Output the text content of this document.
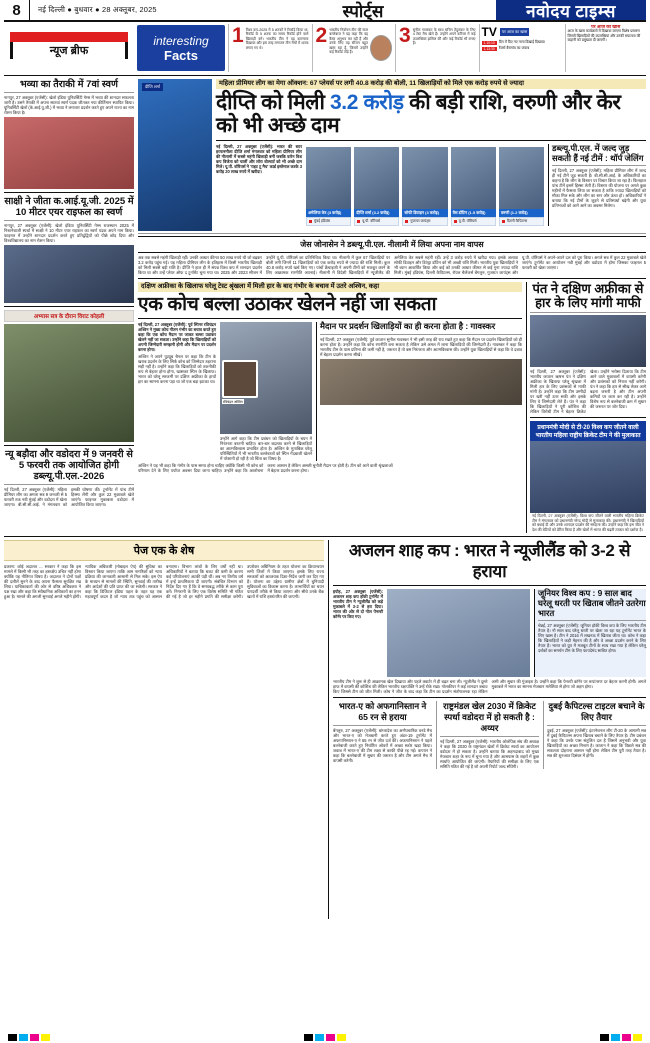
8	नई दिल्ली ● बुधवार ● 28 अक्तूबर, 2025	स्पोर्ट्स	नवोदय टाइम्स
न्यूज ब्रीफ
interesting
Facts
1 विश्व कप-2025 में 5 शतकों ने रिकॉर्ड किया था, रिकॉर्ड के 5 शतक का समय रिकॉर्ड होने वाले खिलाड़ी बने। भारतीय टीम ने यह कारनामा दिखाया और इस तरह लगातार तीन मैचों में शतक लगाए गए थे।
2 भारतीय निर्वाचन टीम की स्टार बल्लेबाज ने यह कहा कि वह कैसा अनुभव कर रही हैं और उनके लिए यह सीजन बहुत खास रहा है, जिसमें उन्होंने कई रिकॉर्ड तोड़े हैं।
3 सुनील गावस्कर के साथ सचिन तेंदुलकर के लिए 4 टेस्ट मैच खेले हैं। उन्होंने अपने करियर में कई उपलब्धियां हासिल कीं और कई रिकॉर्ड भी बनाए हैं।
TV	पर आज का खास
1.10:10	दिन में दिए गए गाना दिखाई दिखाया
1.13:30	रेंजर्स बैरागांव का जवाब
पर आज का खास
आज के खास कार्यक्रमों में दिखाया जाएगा विशेष प्रसारण जिसमें खिलाड़ियों की उपलब्धियां और उनकी सफलता की कहानी को प्रमुखता दी जाएगी।
भव्या का तैराकी में 7वां स्वर्ण
नागपुर, 27 अक्तूबर (एजेंसी): खेलो इंडिया यूनिवर्सिटी गेम्स में भव्या की शानदार सफलता जारी है। उसने तैराकी में अपना सातवां स्वर्ण पदक जीतकर नया कीर्तिमान स्थापित किया। यूनिवर्सिटी खेलों (के.आई.यू.जी.) में भव्या ने लगातार प्रदर्शन करते हुए अपने राज्य का नाम रोशन किया है।
साक्षी ने जीता क.आई.यू.जी. 2025 में 10 मीटर एयर राइफल का स्वर्ण
नागपुर, 27 अक्तूबर (एजेंसी): खेलो इंडिया यूनिवर्सिटी गेम्स राजस्थान 2025 में निशानेबाजी स्पर्धा में साक्षी ने 10 मीटर एयर राइफल का स्वर्ण पदक अपने नाम किया। फाइनल में उन्होंने शानदार प्रदर्शन करते हुए प्रतिद्वंद्वियों को पीछे छोड़ दिया और विश्वविद्यालय का नाम रोशन किया।
अभ्यास सत्र के दौरान विराट कोहली
न्यू बड़ौदा और वडोदरा में 9 जनवरी से 5 फरवरी तक आयोजित होगी डब्ल्यू.पी.एल.-2026
नई दिल्ली, 27 अक्तूबर (एजेंसी): महिला प्रीमियर लीग का अगला सत्र 9 जनवरी से 5 फरवरी तक नवी मुंबई और वडोदरा में खेला जाएगा। बी.सी.सी.आई. ने मंगलवार को इसकी घोषणा की। टूर्नामेंट में पांच टीमें हिस्सा लेंगी और कुल 22 मुकाबले खेले जाएंगे। फाइनल मुकाबला वडोदरा में आयोजित किया जाएगा।
दीप्ति शर्मा	महिला प्रीमियर लीग का मेगा ऑक्शन: 67 प्लेयर्स पर लगी 40.8 करोड़ की बोली, 11 खिलाड़ियों को मिले एक करोड़ रुपये से ज्यादा
दीप्ति को मिली 3.2 करोड़ की बड़ी राशि, वरुणी और केर को भी अच्छे दाम
नई दिल्ली, 27 अक्तूबर (एजेंसी): भारत की स्टार हरफनमौला दीप्ति शर्मा मंगलवार को महिला प्रीमियर लीग की नीलामी में सबसे महंगी खिलाड़ी बनीं जबकि वारेन विश कप विजेता को चार्ली और लॉरा वोल्वार्ट को भी अच्छे दाम मिले। यू.पी. वॉरियर्स ने 'राइट टू मैच' कार्ड इस्तेमाल करके 3 करोड़ 20 लाख रुपये में खरीदा।
अमेलिया केर (3 करोड़)
मुंबई इंडियंस
दीप्ति शर्मा (3.2 करोड़)
यू.पी. वॉरियर्स
सोफी डिवाइन (3 करोड़)
गुजरात जायंट्स
वैस डॉटिन (1.5 करोड़)
यू.पी. वॉरियर्स
वरुणी (1.2 करोड़)
दिल्ली कैपिटल्स
डब्ल्यू.पी.एल. में जल्द जुड़ सकती हैं नई टीमें : थॉर्प जेलिंग
नई दिल्ली, 27 अक्तूबर (एजेंसी): महिला प्रीमियर लीग में जल्द ही नई टीमें जुड़ सकती हैं। बी.सी.सी.आई. के अधिकारियों का कहना है कि लीग के विस्तार पर विचार किया जा रहा है। फिलहाल पांच टीमें इसमें हिस्सा लेती हैं। विस्तार की योजना पर अगले कुछ महीनों में फैसला लिया जा सकता है ताकि ज्यादा खिलाड़ियों को मौका मिल सके और लीग का स्तर और ऊंचा हो। अधिकारियों ने बताया कि नई टीमों के जुड़ने से प्रतिस्पर्धा बढ़ेगी और युवा प्रतिभाओं को आगे आने का अवसर मिलेगा।
जेस जोनासेन ने डब्ल्यू.पी.एल. नीलामी में लिया अपना नाम वापस
अब तक सबसे महंगी खिलाड़ी रहीं। उनकी आधार कीमत 50 लाख रुपये थी जो बढ़कर 3.2 करोड़ पहुंच गई। यह महिला प्रीमियर लीग के इतिहास में किसी भारतीय खिलाड़ी को मिली सबसे बड़ी राशि है। दीप्ति ने हाल ही में संपन्न विश्व कप में शानदार प्रदर्शन किया था और उन्हें प्लेयर ऑफ द टूर्नामेंट चुना गया था। 2025 और 2023 सीजन में उन्होंने यू.पी. वॉरियर्स का प्रतिनिधित्व किया था। नीलामी में कुल 67 खिलाड़ियों पर बोली लगी जिनमें 11 खिलाड़ियों को एक करोड़ रुपये से ज्यादा की राशि मिली। कुल 40.8 करोड़ रुपये खर्च किए गए। पांचों फ्रेंचाइजी ने अपनी टीमों को मजबूत करने के लिए आक्रामक रणनीति अपनाई। नीलामी में विदेशी खिलाड़ियों में न्यूजीलैंड की अमेलिया केर सबसे महंगी रहीं। उन्हें 3 करोड़ रुपये में खरीदा गया। इसके अलावा सोफी डिवाइन और डिएंड्रा डॉटिन को भी अच्छी राशि मिली। भारतीय युवा खिलाड़ियों ने भी ध्यान आकर्षित किया और कई को उनकी आधार कीमत से कई गुना ज्यादा राशि मिली। मुंबई इंडियंस, दिल्ली कैपिटल्स, रॉयल चैलेंजर्स बेंगलुरु, गुजरात जायंट्स और यू.पी. वॉरियर्स ने अपने-अपने दल को पूरा किया। अगले सत्र में कुल 22 मुकाबले खेले जाएंगे। टूर्नामेंट का आयोजन नवी मुंबई और वडोदरा में होगा जिसका फाइनल 5 फरवरी को खेला जाएगा।
दक्षिण अफ्रीका के खिलाफ घरेलू टेस्ट श्रृंखला में मिली हार के बाद गंभीर के बचाव में उतरे अश्विन, कहा
एक कोच बल्ला उठाकर खेलने नहीं जा सकता
नई दिल्ली, 27 अक्तूबर (एजेंसी): पूर्व स्पिनर रविचंद्रन अश्विन ने मुख्य कोच गौतम गंभीर का बचाव करते हुए कहा कि एक कोच मैदान पर जाकर बल्ला उठाकर खेलने नहीं जा सकता। उन्होंने कहा कि खिलाड़ियों को अपनी जिम्मेदारी समझनी होगी और मैदान पर प्रदर्शन करना होगा।
अश्विन ने अपने यूट्यूब चैनल पर कहा कि टीम के खराब प्रदर्शन के लिए सिर्फ कोच को जिम्मेदार ठहराना सही नहीं है। उन्होंने कहा कि खिलाड़ियों को तकनीकी रूप से बेहतर होना होगा, खासकर स्पिन के खिलाफ। भारत को घरेलू सरजमीं पर दक्षिण अफ्रीका के हाथों हार का सामना करना पड़ा था जो एक बड़ा झटका था।
रविचंद्रन अश्विन
उन्होंने आगे कहा कि टीम प्रबंधन को खिलाड़ियों के चयन में निरंतरता बरतनी चाहिए। बार-बार बदलाव करने से खिलाड़ियों का आत्मविश्वास प्रभावित होता है। अश्विन के मुताबिक घरेलू परिस्थितियों में भी भारतीय बल्लेबाजों को स्पिन गेंदबाजी खेलने में परेशानी हो रही है जो चिंता का विषय है।
मैदान पर प्रदर्शन खिलाड़ियों का ही करना होता है : गावस्कर
नई दिल्ली, 27 अक्तूबर (एजेंसी): पूर्व कप्तान सुनील गावस्कर ने भी इसी तरह की राय रखते हुए कहा कि मैदान पर प्रदर्शन खिलाड़ियों को ही करना होता है। उन्होंने कहा कि कोच रणनीति बना सकता है लेकिन उसे अमल में लाना खिलाड़ियों की जिम्मेदारी है। गावस्कर ने कहा कि भारतीय टीम के पास प्रतिभा की कमी नहीं है, जरूरत है तो बस निरंतरता और आत्मविश्वास की। उन्होंने युवा खिलाड़ियों से कहा कि वे दबाव में बेहतर प्रदर्शन करना सीखें।
अश्विन ने यह भी कहा कि गंभीर के पास समय होना चाहिए क्योंकि किसी भी कोच को परिणाम देने के लिए पर्याप्त अवसर दिया जाना चाहिए। उन्होंने कहा कि आलोचना करना आसान है लेकिन असली चुनौती मैदान पर होती है। टीम को आने वाली श्रृंखलाओं में बेहतर प्रदर्शन करना होगा।
पंत ने दक्षिण अफ्रीका से हार के लिए मांगी माफी
नई दिल्ली, 27 अक्तूबर (एजेंसी): भारतीय कप्तान ऋषभ पंत ने दक्षिण अफ्रीका के खिलाफ घरेलू श्रृंखला में मिली हार के लिए प्रशंसकों से माफी मांगी है। उन्होंने कहा कि टीम उम्मीदों पर खरी नहीं उतर सकी और इसके लिए वे जिम्मेदारी लेते हैं। पंत ने कहा कि खिलाड़ियों ने पूरी कोशिश की लेकिन विरोधी टीम ने बेहतर क्रिकेट खेला। उन्होंने भरोसा दिलाया कि टीम आने वाले मुकाबलों में वापसी करेगी और प्रशंसकों को निराश नहीं करेगी। पंत ने कहा कि हार से सीख लेकर आगे बढ़ना जरूरी है और टीम अपनी कमियों पर काम कर रही है। उन्होंने विशेष रूप से बल्लेबाजी क्रम में सुधार की जरूरत पर जोर दिया।
प्रधानमंत्री मोदी से टी-20 विश्व कप जीतने वाली भारतीय महिला राष्ट्रीय क्रिकेट टीम ने की मुलाकात
नई दिल्ली, 27 अक्तूबर (एजेंसी): विश्व कप जीतने वाली भारतीय महिला क्रिकेट टीम ने मंगलवार को प्रधानमंत्री नरेन्द्र मोदी से मुलाकात की। प्रधानमंत्री ने खिलाड़ियों को बधाई दी और उनके शानदार प्रदर्शन की सराहना की। उन्होंने कहा कि इस जीत ने देश की बेटियों को प्रेरित किया है और खेलों में भारत की बढ़ती ताकत को दर्शाया है।
पेज एक के शेष
प्रकरण: कोई अदालत ... सरकार ने कहा कि इस मामले में किसी भी तरह का हस्तक्षेप उचित नहीं होगा क्योंकि यह नीतिगत विषय है। अदालत ने दोनों पक्षों की दलीलें सुनने के बाद अपना फैसला सुरक्षित रख लिया। याचिकाकर्ता की ओर से वरिष्ठ अधिवक्ता ने पक्ष रखा और कहा कि संवैधानिक अधिकारों का हनन हुआ है। मामले की अगली सुनवाई अगले महीने होगी। न्यायिक अधिकारी (मोबाइल ऐप) की सुविधा का विस्तार किया जाएगा ताकि आम नागरिकों को न्याय प्रक्रिया की जानकारी आसानी से मिल सके। इस ऐप के माध्यम से मामलों की स्थिति, सुनवाई की तारीख और आदेशों की प्रति प्राप्त की जा सकेगी। सरकार ने कहा कि डिजिटल इंडिया पहल के तहत यह एक महत्वपूर्ण कदम है जो न्याय तक पहुंच को आसान बनाएगा। विभाग लांबों के लिए वर्षों नहीं था। अधिकारियों ने बताया कि बजट की कमी के कारण कई परियोजनाएं अटकी पड़ी थीं। अब नए वित्तीय वर्ष में इन्हें प्राथमिकता दी जाएगी। संबंधित विभाग को निर्देश दिए गए हैं कि वे समयबद्ध तरीके से काम पूरा करें। निगरानी के लिए एक विशेष समिति भी गठित की गई है जो हर महीने प्रगति की समीक्षा करेगी। उपरोक्त अधिनियम के तहत योजना का क्रियान्वयन सभी जिलों में किया जाएगा। इसके लिए राज्य सरकारों को आवश्यक दिशा-निर्देश जारी कर दिए गए हैं। योजना का उद्देश्य ग्रामीण क्षेत्रों में बुनियादी सुविधाओं का विकास करना है। लाभार्थियों का चयन पारदर्शी तरीके से किया जाएगा और सीधे उनके बैंक खातों में राशि हस्तांतरित की जाएगी।
अजलन शाह कप : भारत ने न्यूजीलैंड को 3-2 से हराया
इपोह, 27 अक्तूबर (एजेंसी): अजलन शाह कप हॉकी टूर्नामेंट में भारतीय टीम ने न्यूजीलैंड को कड़े मुकाबले में 3-2 से हरा दिया। भारत की ओर से दो गोल पेनल्टी कॉर्नर पर किए गए।
जूनियर विश्व कप : 9 साल बाद घरेलू धरती पर खिताब जीतने उतरेगा भारत
चेन्नई, 27 अक्तूबर (एजेंसी): जूनियर हॉकी विश्व कप के लिए भारतीय टीम तैयार है। नौ साल बाद घरेलू धरती पर खेला जा रहा यह टूर्नामेंट भारत के लिए खास है। टीम ने 2016 में लखनऊ में खिताब जीता था। कोच ने कहा कि खिलाड़ियों ने कड़ी मेहनत की है और वे अच्छा प्रदर्शन करने के लिए तैयार हैं। भारत को ग्रुप में मजबूत टीमों के साथ रखा गया है लेकिन घरेलू दर्शकों का समर्थन टीम के लिए फायदेमंद साबित होगा।
भारतीय टीम ने शुरू से ही आक्रामक खेल दिखाया और पहले क्वार्टर में ही बढ़त बना ली। न्यूजीलैंड ने दूसरे हाफ में वापसी की कोशिश की लेकिन भारतीय रक्षापंक्ति ने उन्हें रोके रखा। गोलकीपर ने कई शानदार बचाव किए जिससे टीम को जीत मिली। कोच ने जीत के बाद कहा कि टीम का प्रदर्शन संतोषजनक रहा लेकिन अभी और सुधार की गुंजाइश है। उन्होंने कहा कि पेनल्टी कॉर्नर पर रूपांतरण दर बेहतर करनी होगी। अगले मुकाबले में भारत का सामना मेजबान मलेशिया से होगा जो अहम होगा।
भारत-ए को अफगानिस्तान ने 65 रन से हराया
बेंगलुरु, 27 अक्तूबर (एजेंसी): बांग्लादेश का अनौपचारिक वनडे मैच और भारत-ए को मेजबानी करते हुए अंडर-19 टूर्नामेंट में अफगानिस्तान-ए ने 65 रन से जीत दर्ज की। अफगानिस्तान ने पहले बल्लेबाजी करते हुए निर्धारित ओवरों में अच्छा स्कोर खड़ा किया। जवाब में भारत-ए की टीम लक्ष्य से काफी पीछे रह गई। कप्तान ने कहा कि बल्लेबाजी में सुधार की जरूरत है और टीम अगले मैच में वापसी करेगी।
राष्ट्रमंडल खेल 2030 में क्रिकेट स्पर्धा वडोदरा में हो सकती है : अय्यर
नई दिल्ली, 27 अक्तूबर (एजेंसी): भारतीय ओलंपिक संघ की अध्यक्ष ने कहा कि 2030 के राष्ट्रमंडल खेलों में क्रिकेट स्पर्धा का आयोजन वडोदरा में हो सकता है। उन्होंने बताया कि अहमदाबाद को मुख्य मेजबान शहर के रूप में चुना गया है और आसपास के शहरों में कुछ स्पर्धाएं आयोजित की जाएंगी। तैयारियों की समीक्षा के लिए एक समिति गठित की गई है जो अपनी रिपोर्ट जल्द सौंपेगी।
दुबई कैपिटल्स टाइटल बचाने के लिए तैयार
दुबई, 27 अक्तूबर (एजेंसी): इंटरनेशनल लीग टी-20 के आगामी सत्र में दुबई कैपिटल्स अपना खिताब बचाने के लिए तैयार है। टीम प्रबंधन ने कहा कि उनके पास संतुलित दल है जिसमें अनुभवी और युवा खिलाड़ियों का अच्छा मिश्रण है। कप्तान ने कहा कि पिछले सत्र की सफलता दोहराना आसान नहीं होगा लेकिन टीम पूरी तरह तैयार है। सत्र की शुरुआत दिसंबर में होगी।
